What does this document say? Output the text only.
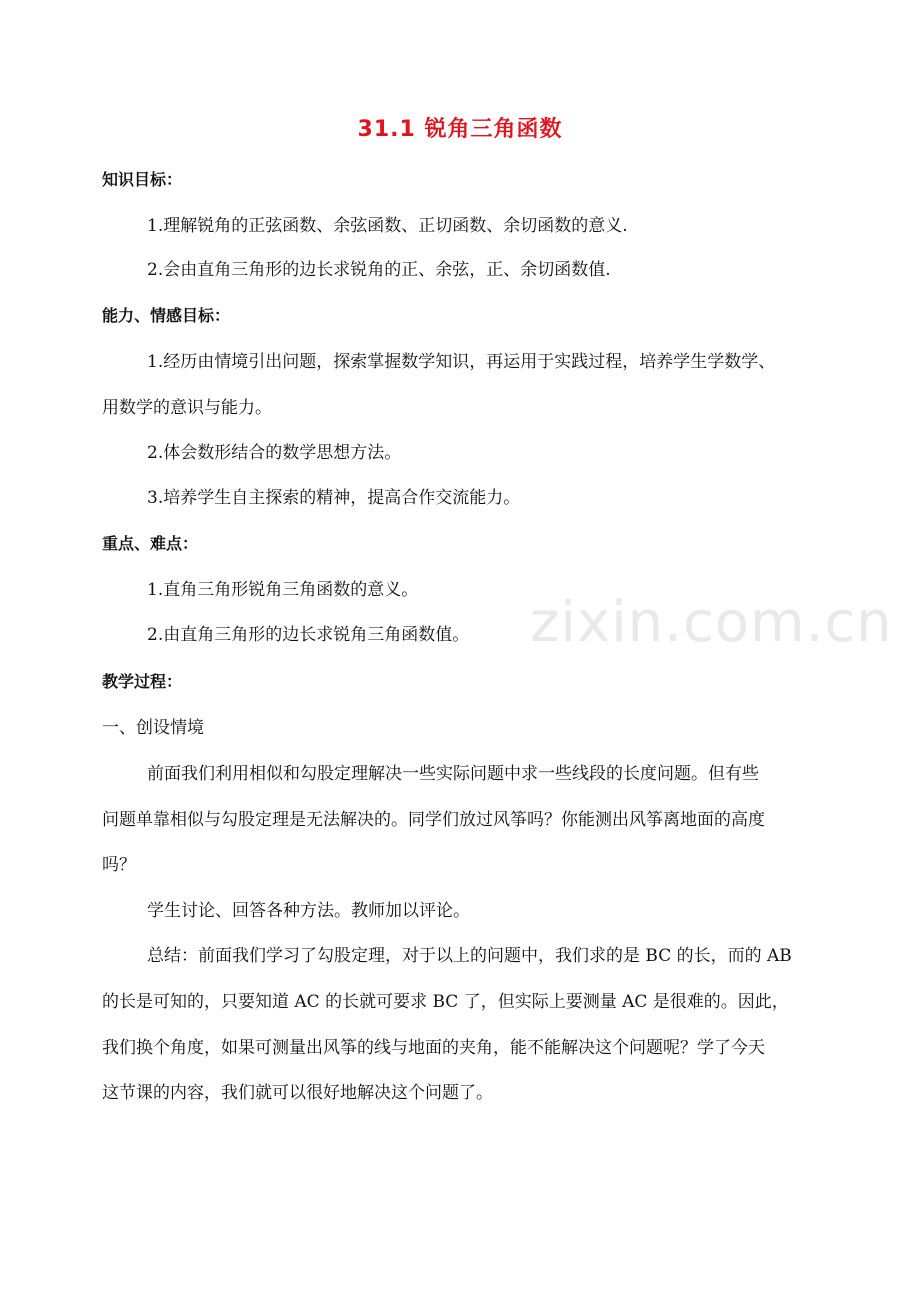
zixin.com.cn
31.1 锐角三角函数
知识目标：
1.理解锐角的正弦函数、余弦函数、正切函数、余切函数的意义.
2.会由直角三角形的边长求锐角的正、余弦，正、余切函数值.
能力、情感目标：
1.经历由情境引出问题，探索掌握数学知识，再运用于实践过程，培养学生学数学、
用数学的意识与能力。
2.体会数形结合的数学思想方法。
3.培养学生自主探索的精神，提高合作交流能力。
重点、难点：
1.直角三角形锐角三角函数的意义。
2.由直角三角形的边长求锐角三角函数值。
教学过程：
一、创设情境
前面我们利用相似和勾股定理解决一些实际问题中求一些线段的长度问题。但有些
问题单靠相似与勾股定理是无法解决的。同学们放过风筝吗？你能测出风筝离地面的高度
吗？
学生讨论、回答各种方法。教师加以评论。
总结：前面我们学习了勾股定理，对于以上的问题中，我们求的是 BC 的长，而的 AB
的长是可知的，只要知道 AC 的长就可要求 BC 了，但实际上要测量 AC 是很难的。因此，
我们换个角度，如果可测量出风筝的线与地面的夹角，能不能解决这个问题呢？学了今天
这节课的内容，我们就可以很好地解决这个问题了。
